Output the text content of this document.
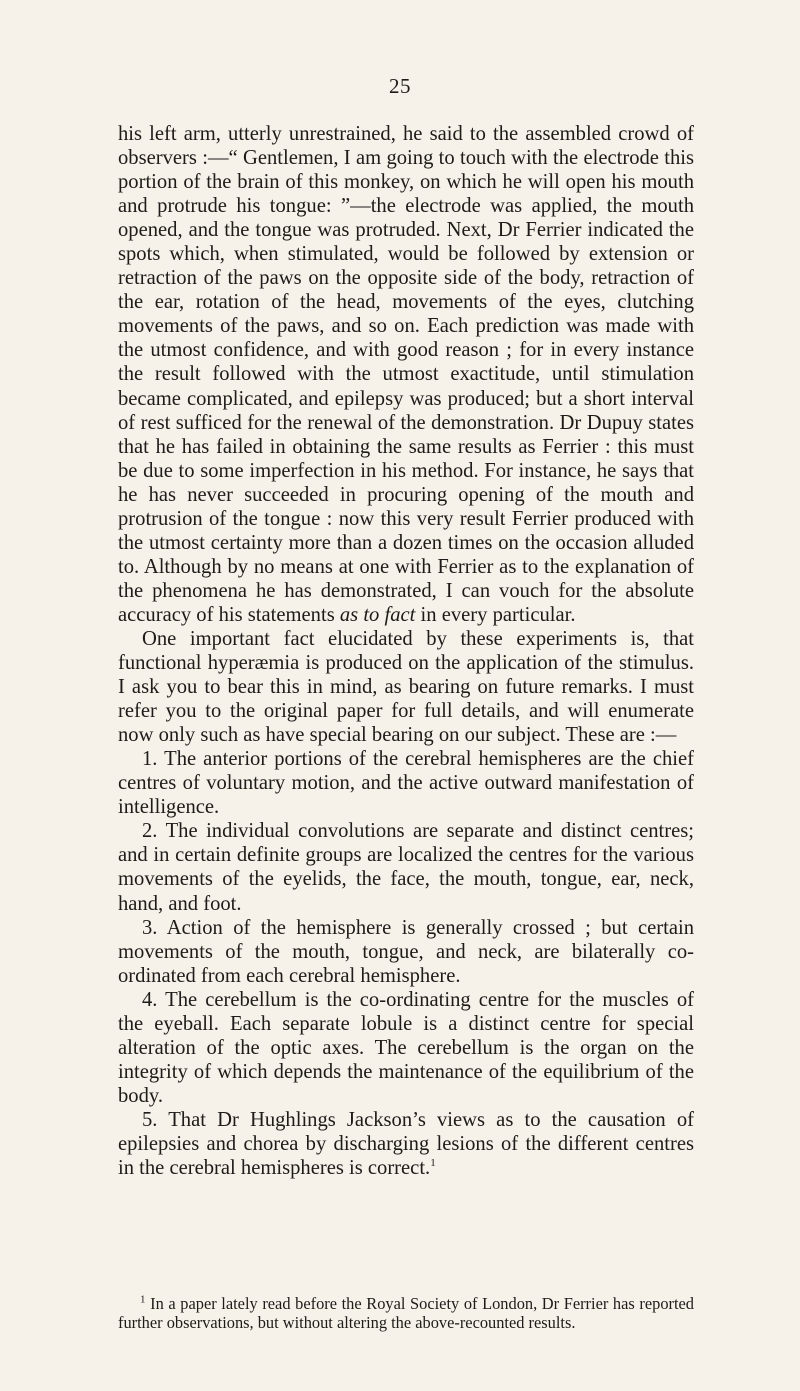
25

his left arm, utterly unrestrained, he said to the assembled crowd of observers :—“ Gentlemen, I am going to touch with the electrode this portion of the brain of this monkey, on which he will open his mouth and protrude his tongue: ”—the electrode was applied, the mouth opened, and the tongue was protruded. Next, Dr Ferrier indicated the spots which, when stimulated, would be followed by extension or retraction of the paws on the opposite side of the body, retraction of the ear, rotation of the head, movements of the eyes, clutching movements of the paws, and so on. Each prediction was made with the utmost confidence, and with good reason ; for in every instance the result followed with the utmost exactitude, until stimulation became complicated, and epilepsy was produced; but a short interval of rest sufficed for the renewal of the demonstration. Dr Dupuy states that he has failed in obtaining the same results as Ferrier : this must be due to some imperfection in his method. For instance, he says that he has never succeeded in procuring opening of the mouth and protrusion of the tongue : now this very result Ferrier produced with the utmost certainty more than a dozen times on the occasion alluded to. Although by no means at one with Ferrier as to the explanation of the phenomena he has demonstrated, I can vouch for the absolute accuracy of his statements as to fact in every particular.

One important fact elucidated by these experiments is, that functional hyperæmia is produced on the application of the stimulus. I ask you to bear this in mind, as bearing on future remarks. I must refer you to the original paper for full details, and will enumerate now only such as have special bearing on our subject. These are :—

1. The anterior portions of the cerebral hemispheres are the chief centres of voluntary motion, and the active outward manifestation of intelligence.

2. The individual convolutions are separate and distinct centres; and in certain definite groups are localized the centres for the various movements of the eyelids, the face, the mouth, tongue, ear, neck, hand, and foot.

3. Action of the hemisphere is generally crossed ; but certain movements of the mouth, tongue, and neck, are bilaterally co-ordinated from each cerebral hemisphere.

4. The cerebellum is the co-ordinating centre for the muscles of the eyeball. Each separate lobule is a distinct centre for special alteration of the optic axes. The cerebellum is the organ on the integrity of which depends the maintenance of the equilibrium of the body.

5. That Dr Hughlings Jackson’s views as to the causation of epilepsies and chorea by discharging lesions of the different centres in the cerebral hemispheres is correct.$^1$

$^1$ In a paper lately read before the Royal Society of London, Dr Ferrier has reported further observations, but without altering the above-recounted results.
